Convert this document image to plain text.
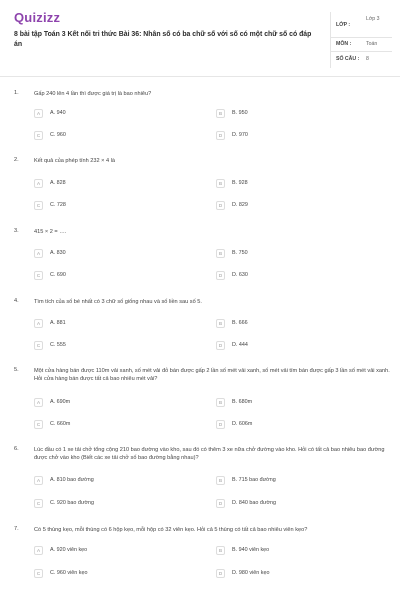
Quizizz
8 bài tập Toán 3 Kết nối tri thức Bài 36: Nhân số có ba chữ số với số có một chữ số có đáp án
LỚP :
Lớp 3
MÔN :	Toán
SỐ CÂU : 8
1.	Gấp 240 lên 4 lần thì được giá trị là bao nhiêu?
A	A. 940	B	B. 950
C	C. 960	D	D. 970
2.	Kết quả của phép tính 232 × 4 là
A	A. 828	B	B. 928
C	C. 728	D	D. 829
3.	415 × 2 = ….
A	A. 830	B	B. 750
C	C. 690	D	D. 630
4.	Tìm tích của số bé nhất có 3 chữ số giống nhau và số liền sau số 5.
A	A. 881	B	B. 666
C	C. 555	D	D. 444
5.	Một cửa hàng bán được 110m vải xanh, số mét vải đỏ bán được gấp 2 lần số mét vải xanh, số mét vải tím bán được gấp 3 lần số mét vải xanh. Hỏi cửa hàng bán được tất cả bao nhiêu mét vải?
A	A. 690m	B	B. 680m
C	C. 660m	D	D. 606m
6.	Lúc đầu có 1 xe tải chở tổng cộng 210 bao đường vào kho, sau đó có thêm 3 xe nữa chở đường vào kho. Hỏi có tất cả bao nhiêu bao đường được chở vào kho (Biết các xe tải chở số bao đường bằng nhau)?
A	A. 810 bao đường	B	B. 715 bao đường
C	C. 920 bao đường	D	D. 840 bao đường
7.	Có 5 thùng kẹo, mỗi thùng có 6 hộp kẹo, mỗi hộp có 32 viên kẹo. Hỏi cả 5 thùng có tất cả bao nhiêu viên kẹo?
A	A. 920 viên kẹo	B	B. 940 viên kẹo
C	C. 960 viên kẹo	D	D. 980 viên kẹo
